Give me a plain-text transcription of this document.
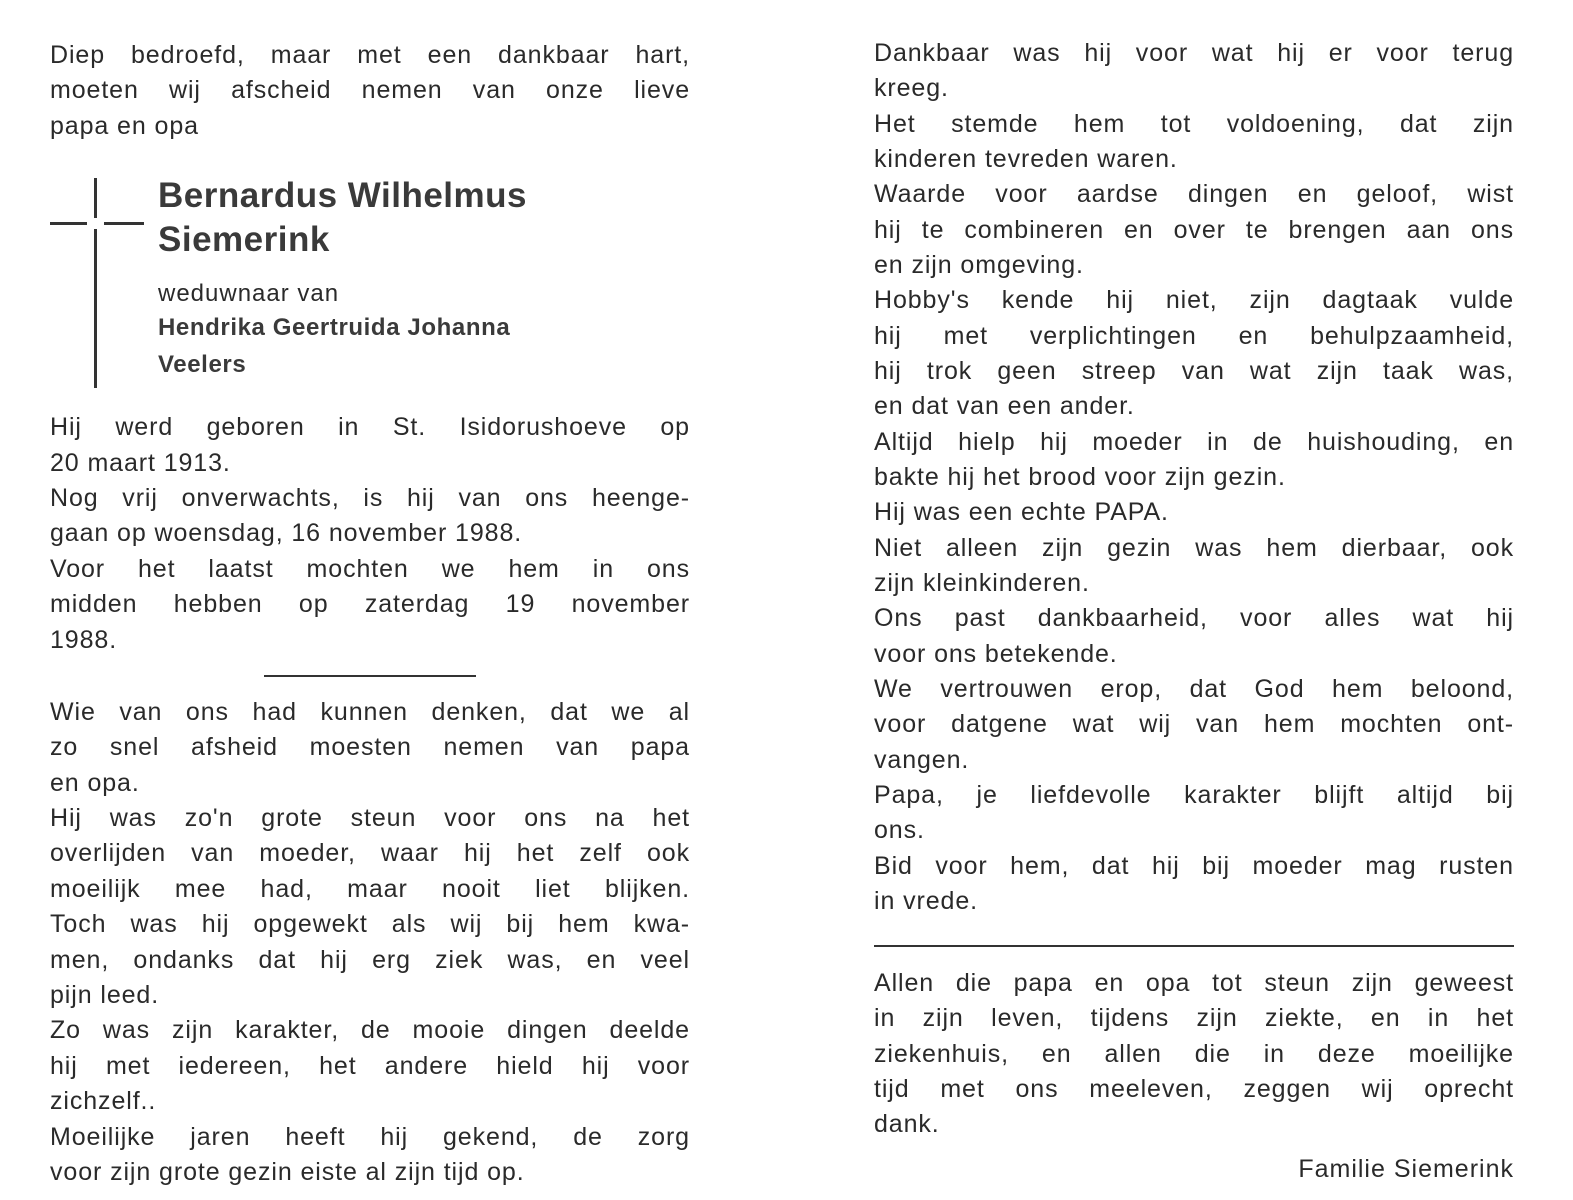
Diep bedroefd, maar met een dankbaar hart,
moeten wij afscheid nemen van onze lieve
papa en opa
Bernardus Wilhelmus
Siemerink
weduwnaar van
Hendrika Geertruida Johanna
Veelers
Hij werd geboren in St. Isidorushoeve op
20 maart 1913.
Nog vrij onverwachts, is hij van ons heenge-
gaan op woensdag, 16 november 1988.
Voor het laatst mochten we hem in ons
midden hebben op zaterdag 19 november
1988.
Wie van ons had kunnen denken, dat we al
zo snel afsheid moesten nemen van papa
en opa.
Hij was zo'n grote steun voor ons na het
overlijden van moeder, waar hij het zelf ook
moeilijk mee had, maar nooit liet blijken.
Toch was hij opgewekt als wij bij hem kwa-
men, ondanks dat hij erg ziek was, en veel
pijn leed.
Zo was zijn karakter, de mooie dingen deelde
hij met iedereen, het andere hield hij voor
zichzelf..
Moeilijke jaren heeft hij gekend, de zorg
voor zijn grote gezin eiste al zijn tijd op.
Dankbaar was hij voor wat hij er voor terug
kreeg.
Het stemde hem tot voldoening, dat zijn
kinderen tevreden waren.
Waarde voor aardse dingen en geloof, wist
hij te combineren en over te brengen aan ons
en zijn omgeving.
Hobby's kende hij niet, zijn dagtaak vulde
hij met verplichtingen en behulpzaamheid,
hij trok geen streep van wat zijn taak was,
en dat van een ander.
Altijd hielp hij moeder in de huishouding, en
bakte hij het brood voor zijn gezin.
Hij was een echte PAPA.
Niet alleen zijn gezin was hem dierbaar, ook
zijn kleinkinderen.
Ons past dankbaarheid, voor alles wat hij
voor ons betekende.
We vertrouwen erop, dat God hem beloond,
voor datgene wat wij van hem mochten ont-
vangen.
Papa, je liefdevolle karakter blijft altijd bij
ons.
Bid voor hem, dat hij bij moeder mag rusten
in vrede.
Allen die papa en opa tot steun zijn geweest
in zijn leven, tijdens zijn ziekte, en in het
ziekenhuis, en allen die in deze moeilijke
tijd met ons meeleven, zeggen wij oprecht
dank.
Familie Siemerink
